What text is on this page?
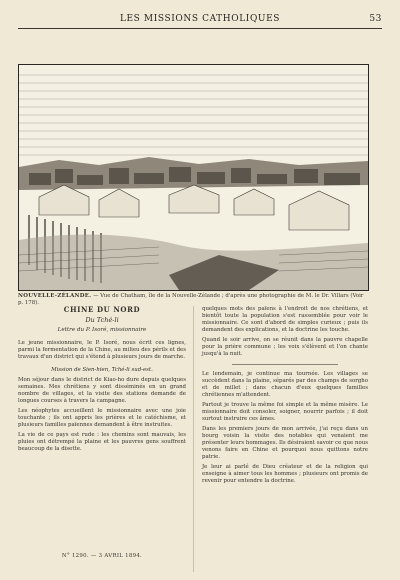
LES MISSIONS CATHOLIQUES	53
NOUVELLE-ZÉLANDE. — Vue de Chatham, île de la Nouvelle-Zélande ; d'après une photographie de M. le Dr. Villars (Voir p. 178).
CHINE DU NORD
Du Tché-li
Lettre du P. Isoré, missionnaire

Le jeune missionnaire, le P. Isoré, nous écrit ces lignes, parmi la fermentation de la Chine, au milieu des périls et des travaux d'un district qui s'étend à plusieurs jours de marche.

Mission de Sien-hien, Tché-li sud-est.

Mon séjour dans le district de Kiao-ho dure depuis quelques semaines. Mes chrétiens y sont disséminés en un grand nombre de villages, et la visite des stations demande de longues courses à travers la campagne.

Les néophytes accueillent le missionnaire avec une joie touchante ; ils ont appris les prières et le catéchisme, et plusieurs familles païennes demandent à être instruites.

La vie de ce pays est rude : les chemins sont mauvais, les pluies ont détrempé la plaine et les pauvres gens souffrent beaucoup de la disette.

quelques mots des païens à l'endroit de nos chrétiens, et bientôt toute la population s'est rassemblée pour voir le missionnaire. Ce sont d'abord de simples curieux ; puis ils demandent des explications, et la doctrine les touche.

Quand le soir arrive, on se réunit dans la pauvre chapelle pour la prière commune ; les voix s'élèvent et l'on chante jusqu'à la nuit.

Le lendemain, je continue ma tournée. Les villages se succèdent dans la plaine, séparés par des champs de sorgho et de millet ; dans chacun d'eux quelques familles chrétiennes m'attendent.

Partout je trouve la même foi simple et la même misère. Le missionnaire doit consoler, soigner, nourrir parfois ; il doit surtout instruire ces âmes.

Dans les premiers jours de mon arrivée, j'ai reçu dans un bourg voisin la visite des notables qui venaient me présenter leurs hommages. Ils désiraient savoir ce que nous venons faire en Chine et pourquoi nous quittons notre patrie.

Je leur ai parlé de Dieu créateur et de la religion qui enseigne à aimer tous les hommes ; plusieurs ont promis de revenir pour entendre la doctrine.

N° 1290. — 3 AVRIL 1894.
